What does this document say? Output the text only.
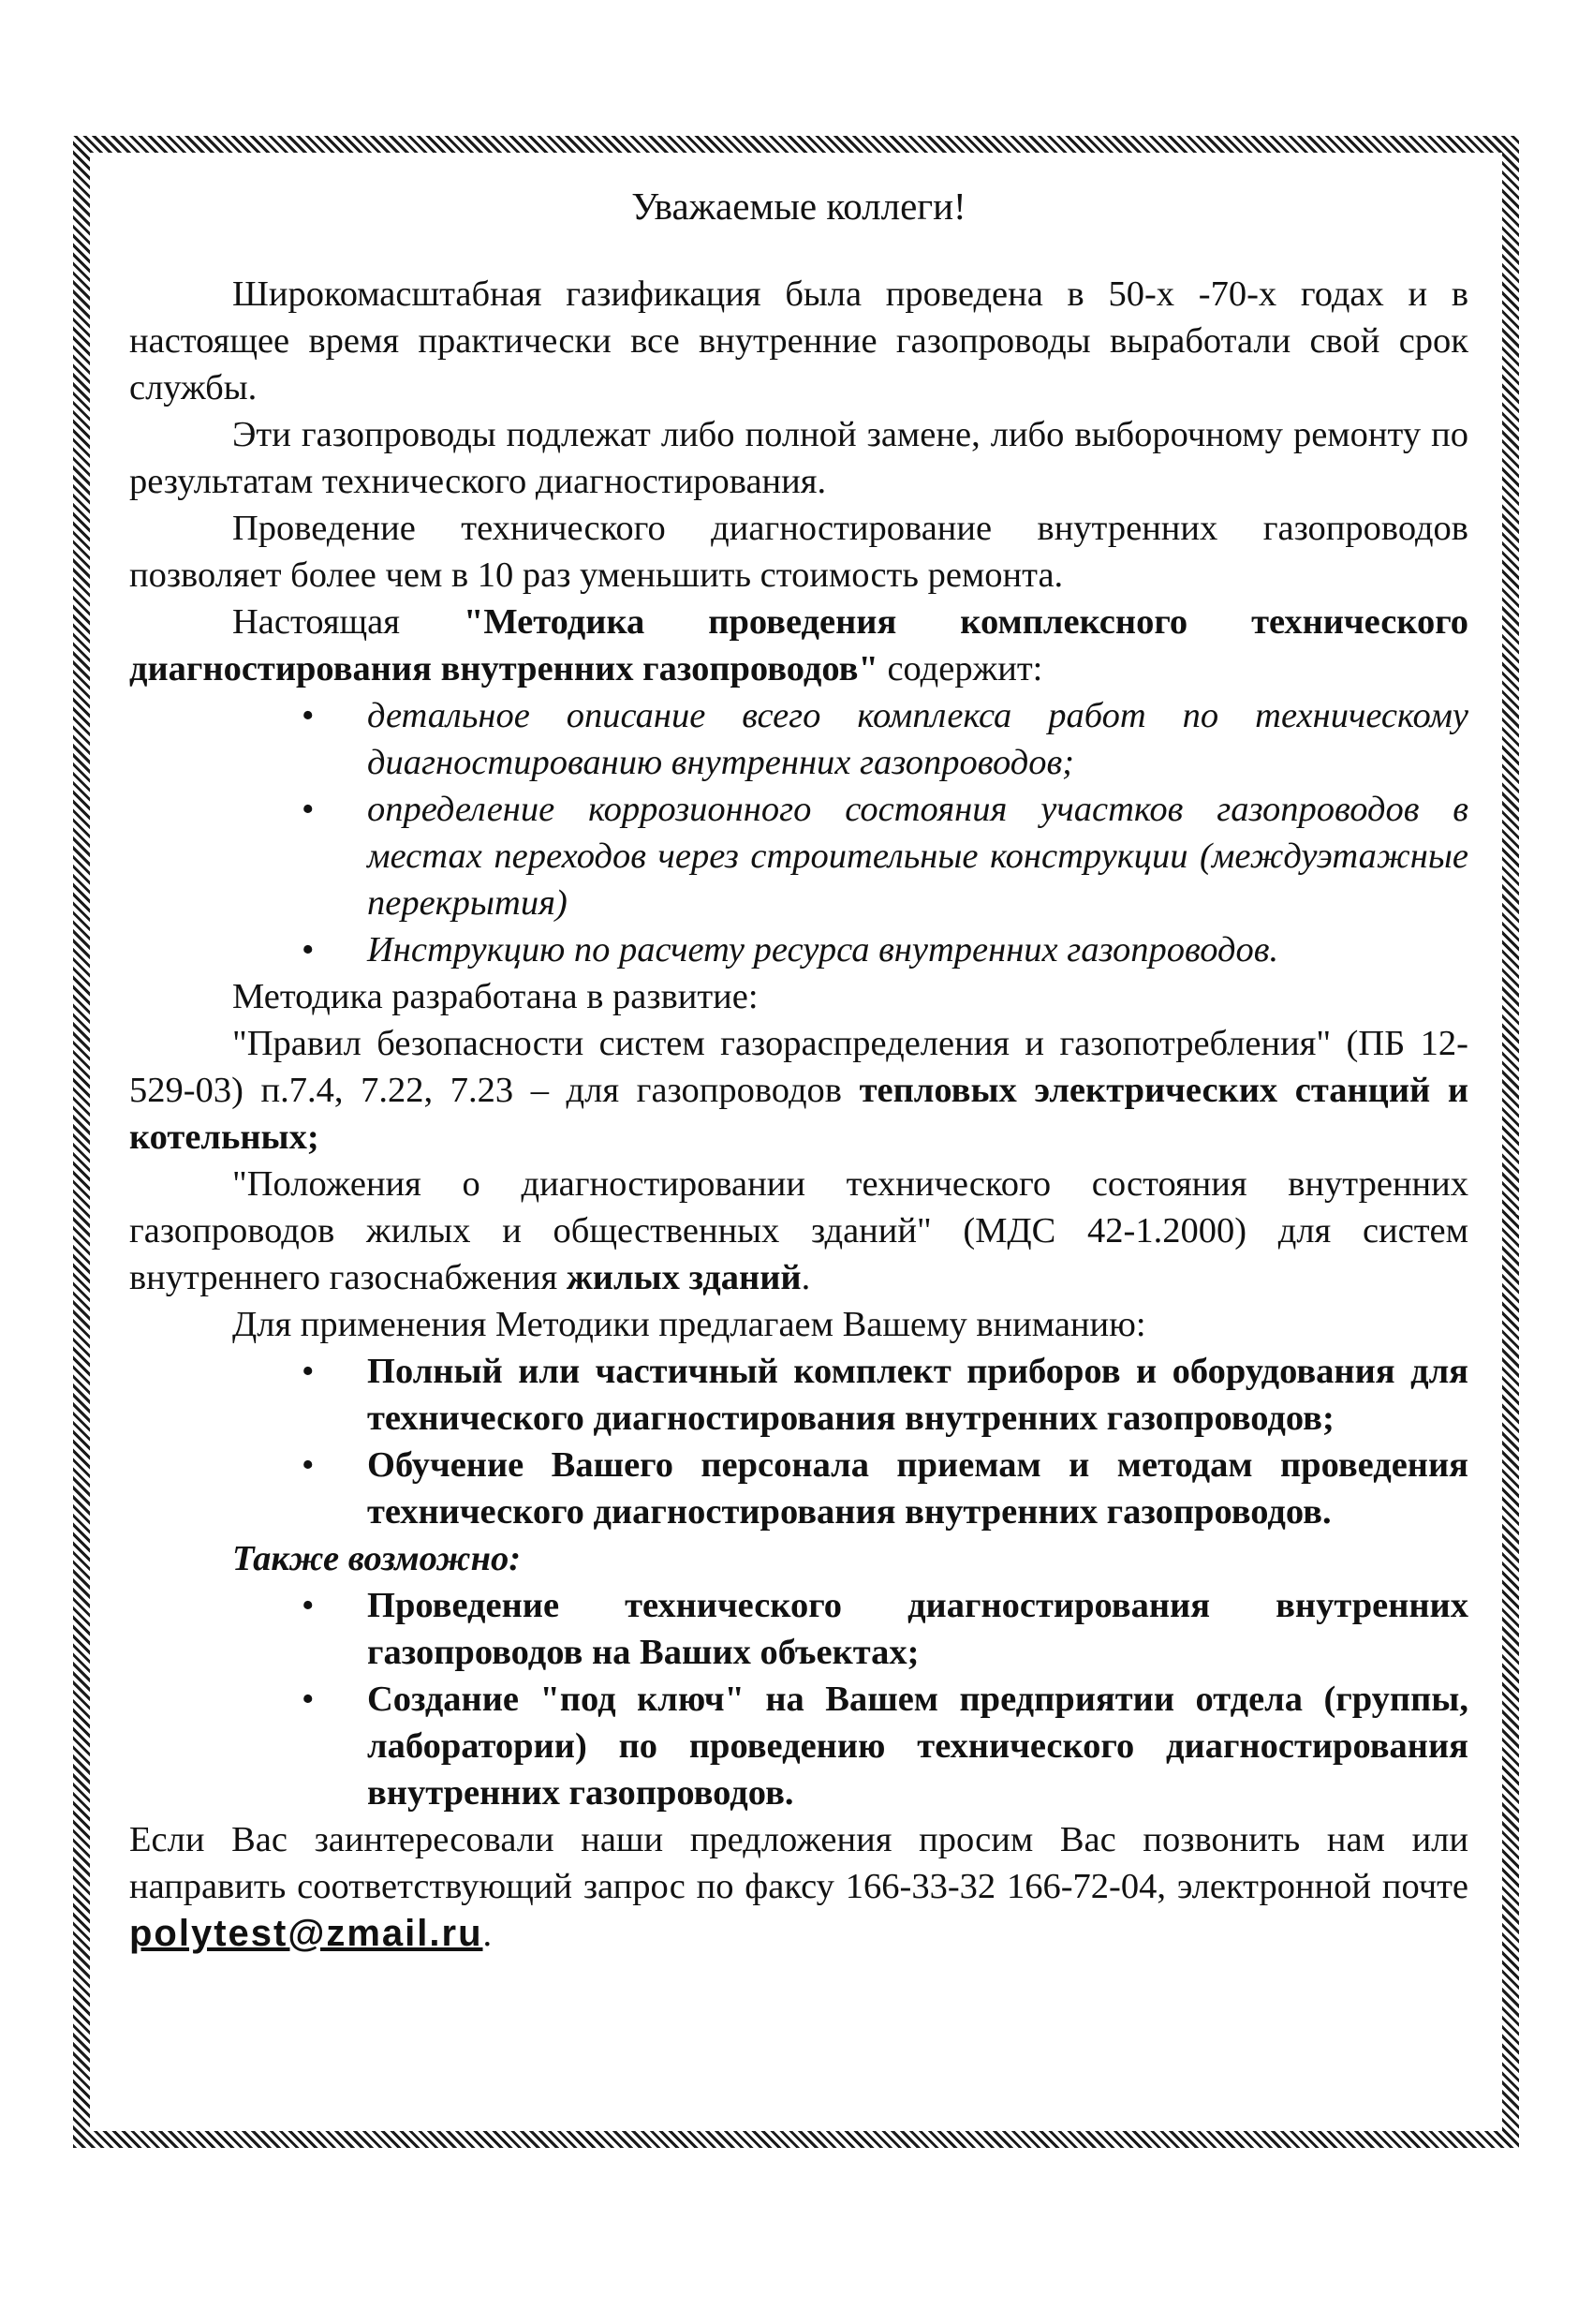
Уважаемые коллеги!

Широкомасштабная газификация была проведена в 50-х -70-х годах и в настоящее время практически все внутренние газопроводы выработали свой срок службы.

Эти газопроводы подлежат либо полной замене, либо выборочному ремонту по результатам технического диагностирования.

Проведение технического диагностирование внутренних газопроводов позволяет более чем в 10 раз уменьшить стоимость ремонта.

Настоящая "Методика проведения комплексного технического диагностирования внутренних газопроводов" содержит:

• детальное описание всего комплекса работ по техническому диагностированию внутренних газопроводов;
• определение коррозионного состояния участков газопроводов в местах переходов через строительные конструкции (междуэтажные перекрытия)
• Инструкцию по расчету ресурса внутренних газопроводов.

Методика разработана в развитие:

"Правил безопасности систем газораспределения и газопотребления" (ПБ 12-529-03) п.7.4, 7.22, 7.23 – для газопроводов тепловых электрических станций и котельных;

"Положения о диагностировании технического состояния внутренних газопроводов жилых и общественных зданий" (МДС 42-1.2000) для систем внутреннего газоснабжения жилых зданий.

Для применения Методики предлагаем Вашему вниманию:

• Полный или частичный комплект приборов и оборудования для технического диагностирования внутренних газопроводов;
• Обучение Вашего персонала приемам и методам проведения технического диагностирования внутренних газопроводов.

Также возможно:

• Проведение технического диагностирования внутренних газопроводов на Ваших объектах;
• Создание "под ключ" на Вашем предприятии отдела (группы, лаборатории) по проведению технического диагностирования внутренних газопроводов.

Если Вас заинтересовали наши предложения просим Вас позвонить нам или направить соответствующий запрос по факсу 166-33-32 166-72-04, электронной почте polytest@zmail.ru.
